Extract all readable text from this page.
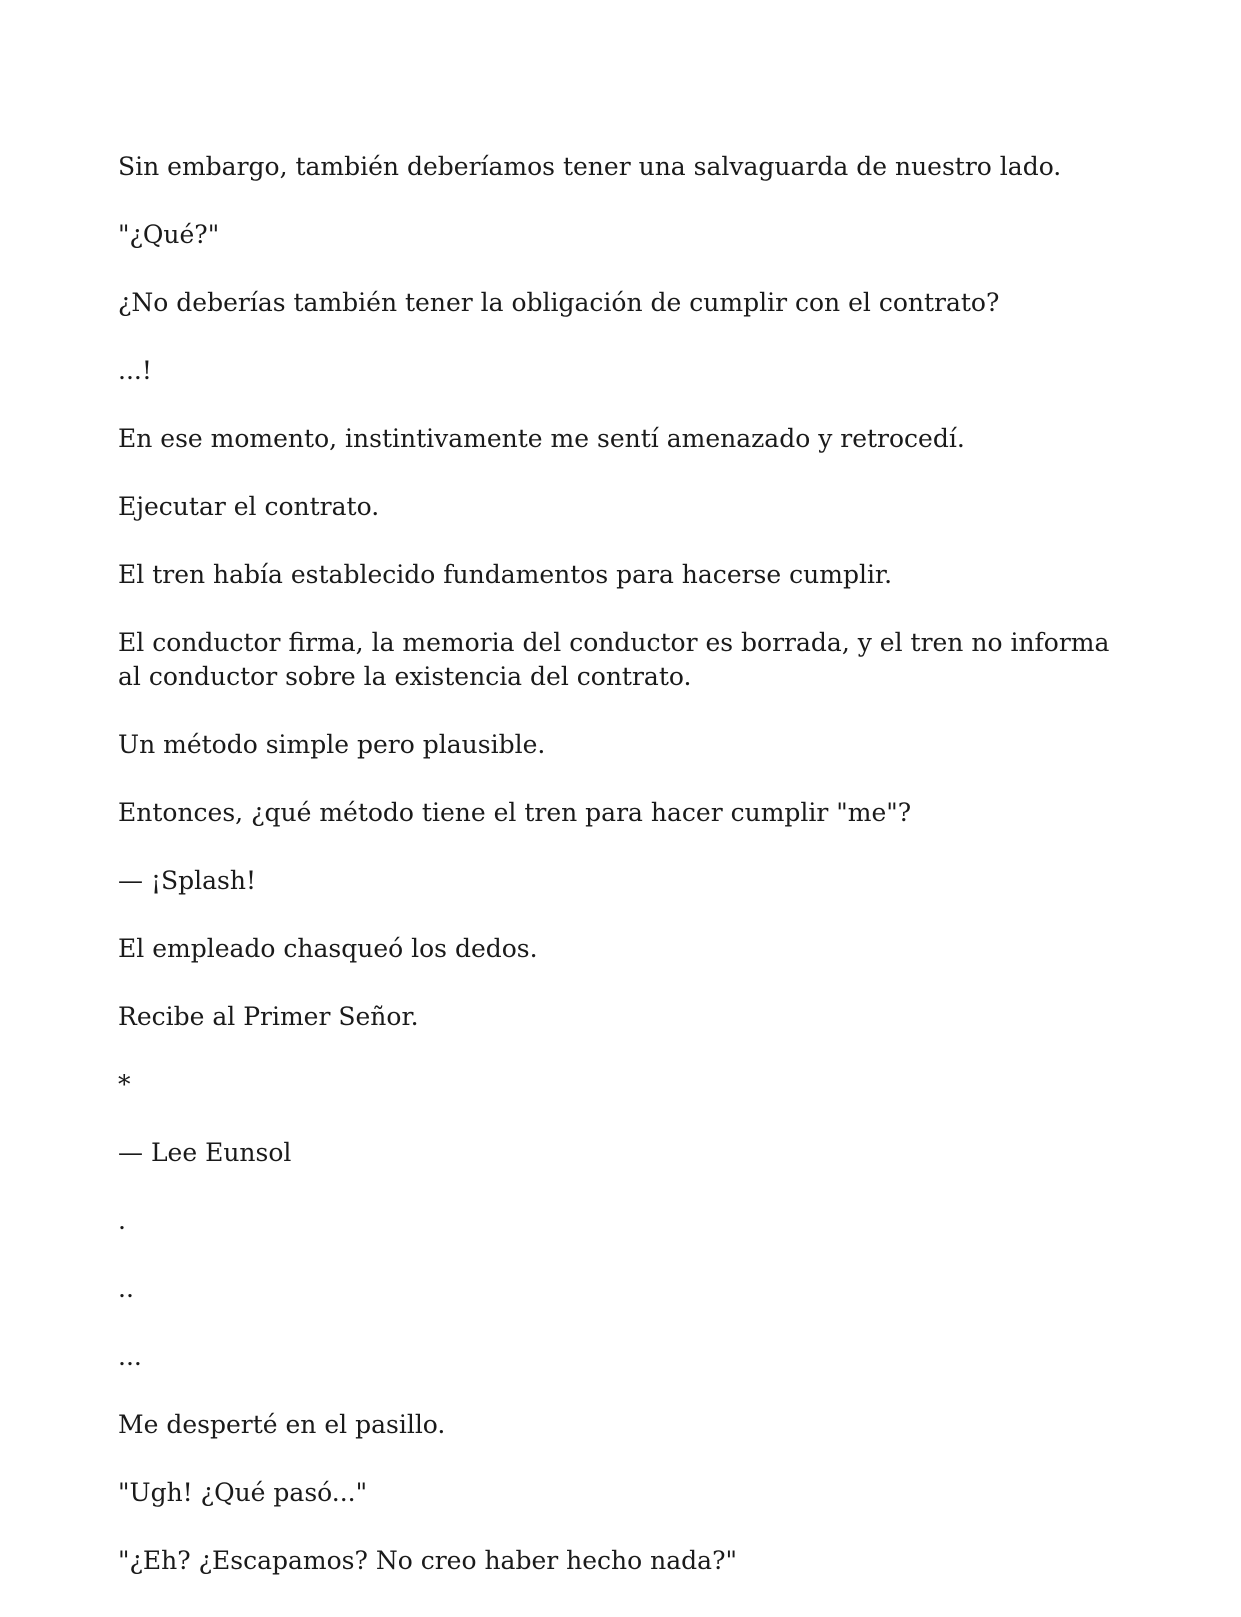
Sin embargo, también deberíamos tener una salvaguarda de nuestro lado.

"¿Qué?"

¿No deberías también tener la obligación de cumplir con el contrato?

...!

En ese momento, instintivamente me sentí amenazado y retrocedí.

Ejecutar el contrato.

El tren había establecido fundamentos para hacerse cumplir.

El conductor firma, la memoria del conductor es borrada, y el tren no informa al conductor sobre la existencia del contrato.

Un método simple pero plausible.

Entonces, ¿qué método tiene el tren para hacer cumplir "me"?

— ¡Splash!

El empleado chasqueó los dedos.

Recibe al Primer Señor.

*

— Lee Eunsol

.

..

...

Me desperté en el pasillo.

"Ugh! ¿Qué pasó..."

"¿Eh? ¿Escapamos? No creo haber hecho nada?"
